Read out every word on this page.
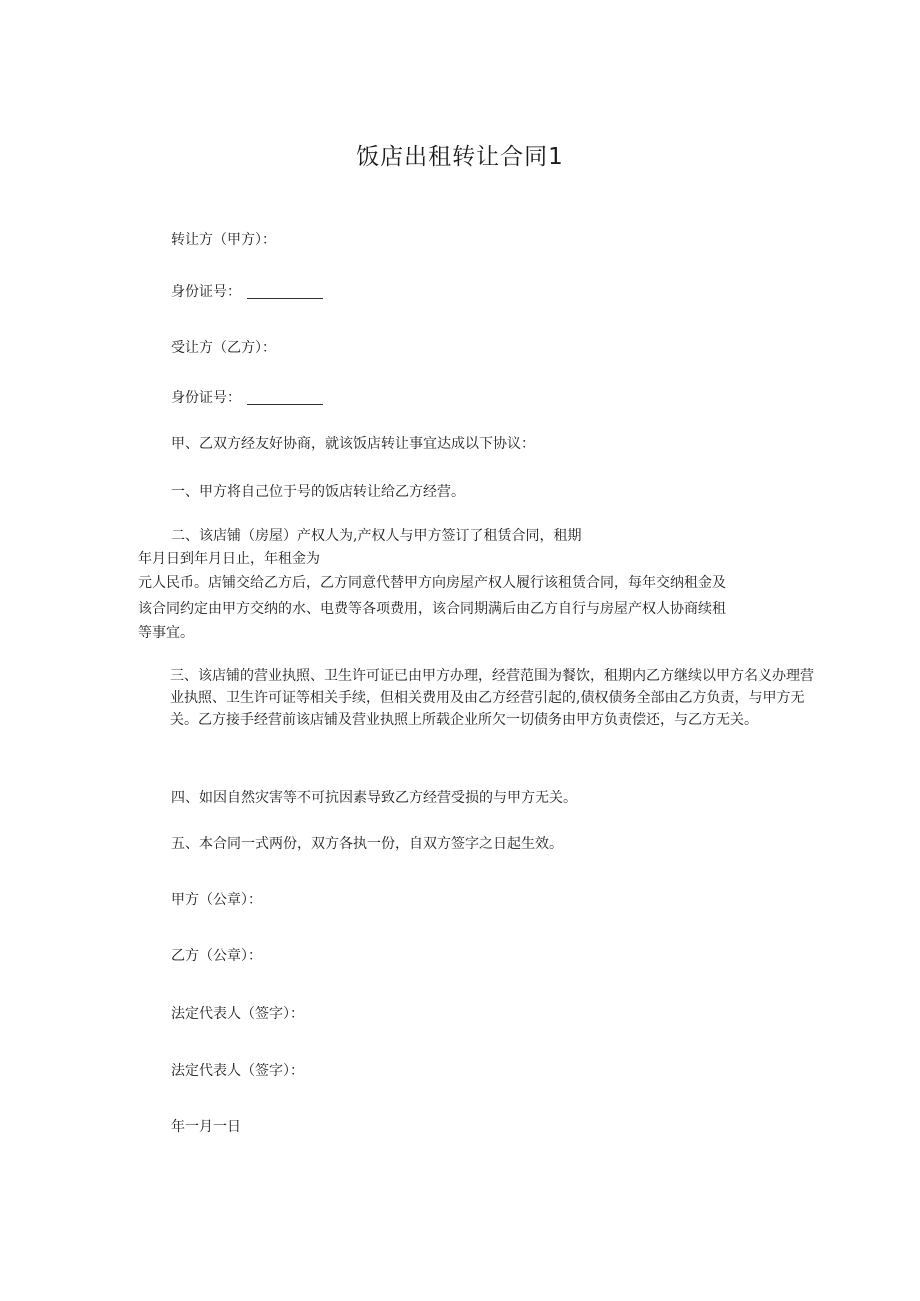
饭店出租转让合同1
转让方（甲方）：
身份证号：
受让方（乙方）：
身份证号：
甲、乙双方经友好协商，就该饭店转让事宜达成以下协议：
一、甲方将自己位于号的饭店转让给乙方经营。
二、该店铺（房屋）产权人为,产权人与甲方签订了租赁合同，租期
年月日到年月日止，年租金为
元人民币。店铺交给乙方后，乙方同意代替甲方向房屋产权人履行该租赁合同，每年交纳租金及
该合同约定由甲方交纳的水、电费等各项费用，该合同期满后由乙方自行与房屋产权人协商续租
等事宜。
三、该店铺的营业执照、卫生许可证已由甲方办理，经营范围为餐饮，租期内乙方继续以甲方名义办理营业执照、卫生许可证等相关手续，但相关费用及由乙方经营引起的,债权债务全部由乙方负责，与甲方无关。乙方接手经营前该店铺及营业执照上所载企业所欠一切债务由甲方负责偿还，与乙方无关。
四、如因自然灾害等不可抗因素导致乙方经营受损的与甲方无关。
五、本合同一式两份，双方各执一份，自双方签字之日起生效。
甲方（公章）：
乙方（公章）：
法定代表人（签字）：
法定代表人（签字）：
年一月一日
